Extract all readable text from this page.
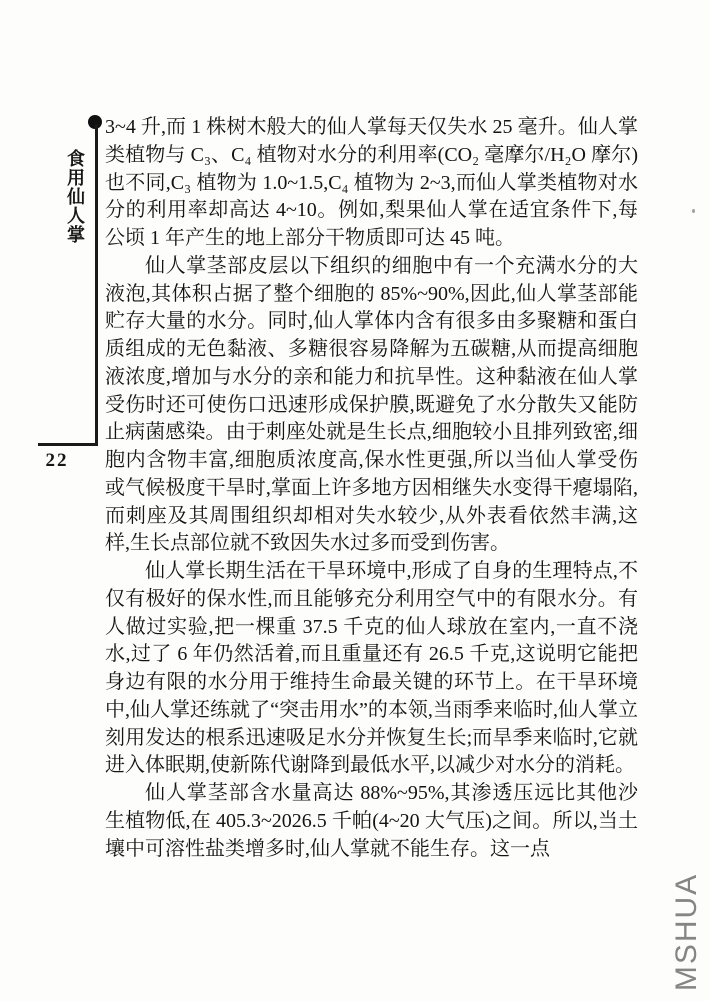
食用仙人掌
22

3~4 升,而 1 株树木般大的仙人掌每天仅失水 25 毫升。仙人掌类植物与 C₃、C₄ 植物对水分的利用率(CO₂ 毫摩尔/H₂O 摩尔)也不同,C₃ 植物为 1.0~1.5,C₄ 植物为 2~3,而仙人掌类植物对水分的利用率却高达 4~10。例如,梨果仙人掌在适宜条件下,每公顷 1 年产生的地上部分干物质即可达 45 吨。

仙人掌茎部皮层以下组织的细胞中有一个充满水分的大液泡,其体积占据了整个细胞的 85%~90%,因此,仙人掌茎部能贮存大量的水分。同时,仙人掌体内含有很多由多聚糖和蛋白质组成的无色黏液、多糖很容易降解为五碳糖,从而提高细胞液浓度,增加与水分的亲和能力和抗旱性。这种黏液在仙人掌受伤时还可使伤口迅速形成保护膜,既避免了水分散失又能防止病菌感染。由于刺座处就是生长点,细胞较小且排列致密,细胞内含物丰富,细胞质浓度高,保水性更强,所以当仙人掌受伤或气候极度干旱时,掌面上许多地方因相继失水变得干瘪塌陷,而刺座及其周围组织却相对失水较少,从外表看依然丰满,这样,生长点部位就不致因失水过多而受到伤害。

仙人掌长期生活在干旱环境中,形成了自身的生理特点,不仅有极好的保水性,而且能够充分利用空气中的有限水分。有人做过实验,把一棵重 37.5 千克的仙人球放在室内,一直不浇水,过了 6 年仍然活着,而且重量还有 26.5 千克,这说明它能把身边有限的水分用于维持生命最关键的环节上。在干旱环境中,仙人掌还练就了“突击用水”的本领,当雨季来临时,仙人掌立刻用发达的根系迅速吸足水分并恢复生长;而旱季来临时,它就进入体眠期,使新陈代谢降到最低水平,以减少对水分的消耗。

仙人掌茎部含水量高达 88%~95%,其渗透压远比其他沙生植物低,在 405.3~2026.5 千帕(4~20 大气压)之间。所以,当土壤中可溶性盐类增多时,仙人掌就不能生存。这一点

MSHUA
